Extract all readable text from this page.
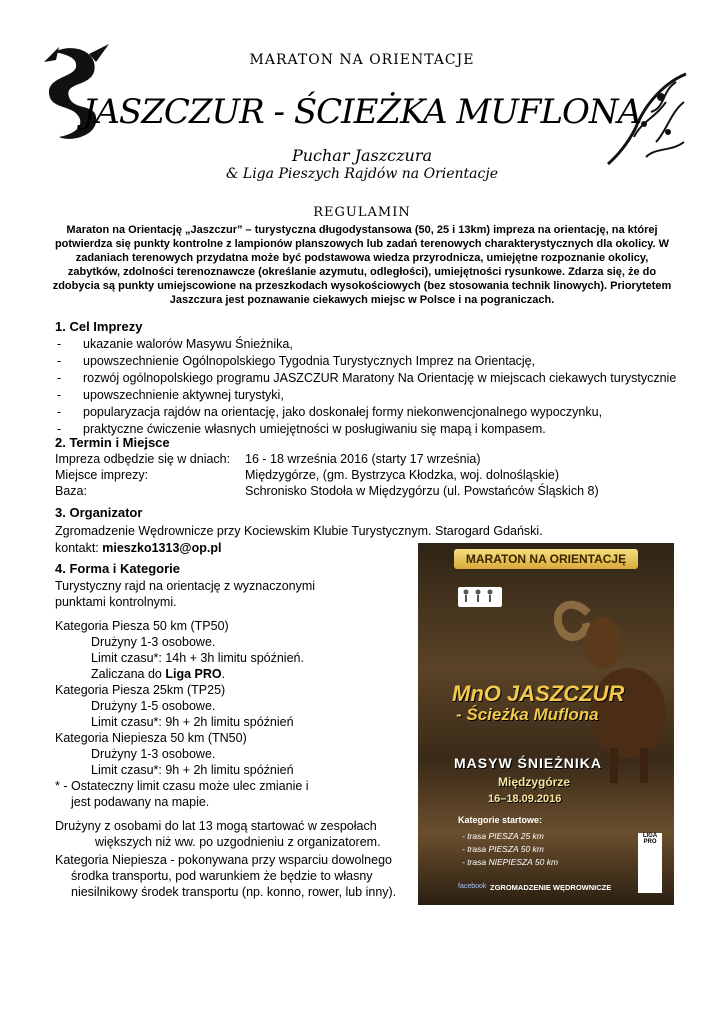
MARATON NA ORIENTACJE
JASZCZUR - ŚCIEŻKA MUFLONA
Puchar Jaszczura
& Liga Pieszych Rajdów na Orientacje
REGULAMIN
Maraton na Orientację „Jaszczur” – turystyczna długodystansowa (50, 25 i 13km) impreza na orientację, na której potwierdza się punkty kontrolne z lampionów planszowych lub zadań terenowych charakterystycznych dla okolicy. W zadaniach terenowych przydatna może być podstawowa wiedza przyrodnicza, umiejętne rozpoznanie okolicy, zabytków, zdolności terenoznawcze (określanie azymutu, odległości), umiejętności rysunkowe. Zdarza się, że do zdobycia są punkty umiejscowione na przeszkodach wysokościowych (bez stosowania technik linowych). Priorytetem Jaszczura jest poznawanie ciekawych miejsc w Polsce i na pograniczach.
1. Cel Imprezy
- ukazanie walorów Masywu Śnieżnika,
- upowszechnienie Ogólnopolskiego Tygodnia Turystycznych Imprez na Orientację,
- rozwój ogólnopolskiego programu JASZCZUR Maratony Na Orientację w miejscach ciekawych turystycznie
- upowszechnienie aktywnej turystyki,
- popularyzacja rajdów na orientację, jako doskonałej formy niekonwencjonalnego wypoczynku,
- praktyczne ćwiczenie własnych umiejętności w posługiwaniu się mapą i kompasem.
2. Termin i Miejsce
Impreza odbędzie się w dniach:	16 - 18 września 2016 (starty 17 września)
Miejsce imprezy:	Międzygórze, (gm. Bystrzyca Kłodzka, woj. dolnośląskie)
Baza:	Schronisko Stodoła w Międzygórzu (ul. Powstańców Śląskich 8)
3. Organizator
Zgromadzenie Wędrownicze przy Kociewskim Klubie Turystycznym. Starogard Gdański.
kontakt: mieszko1313@op.pl
4. Forma i Kategorie
Turystyczny rajd na orientację z wyznaczonymi
punktami kontrolnymi.
Kategoria Piesza 50 km (TP50)
Drużyny 1-3 osobowe.
Limit czasu*: 14h + 3h limitu spóźnień.
Zaliczana do Liga PRO.
Kategoria Piesza 25km (TP25)
Drużyny 1-5 osobowe.
Limit czasu*: 9h + 2h limitu spóźnień
Kategoria Niepiesza 50 km (TN50)
Drużyny 1-3 osobowe.
Limit czasu*: 9h + 2h limitu spóźnień
* - Ostateczny limit czasu może ulec zmianie i
jest podawany na mapie.
Drużyny z osobami do lat 13 mogą startować w zespołach
większych niż ww. po uzgodnieniu z organizatorem.
Kategoria Niepiesza - pokonywana przy wsparciu dowolnego
środka transportu, pod warunkiem że będzie to własny
niesilnikowy środek transportu (np. konno, rower, lub inny).
MARATON NA ORIENTACJĘ
MnO JASZCZUR
- Ścieżka Muflona
MASYW ŚNIEŻNIKA
Międzygórze
16–18.09.2016
Kategorie startowe:
- trasa PIESZA 25 km
- trasa PIESZA 50 km
- trasa NIEPIESZA 50 km
facebook ZGROMADZENIE WĘDROWNICZE
LIGA PRO
